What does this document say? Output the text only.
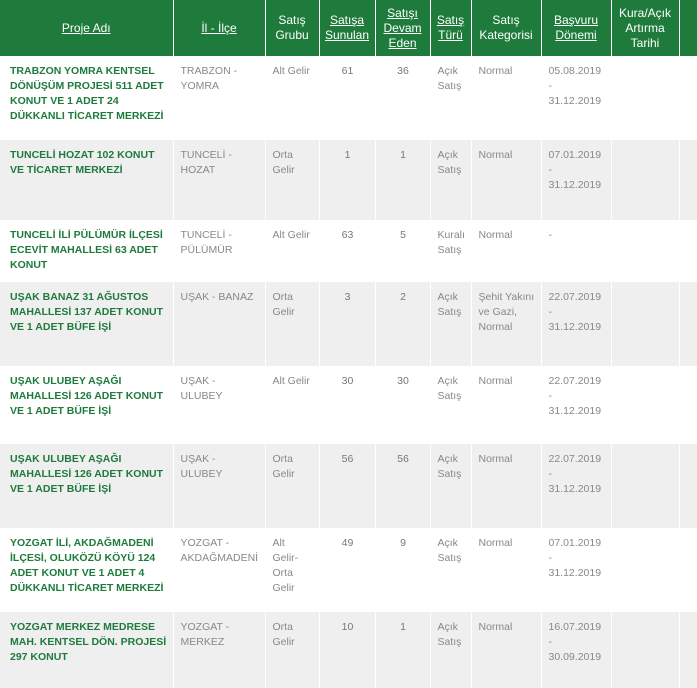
Proje Adı	İl - İlçe	Satış Grubu	Satışa Sunulan	Satışı Devam Eden	Satış Türü	Satış Kategorisi	Başvuru Dönemi	Kura/Açık Artırma Tarihi	
TRABZON YOMRA KENTSEL DÖNÜŞÜM PROJESİ 511 ADET KONUT VE 1 ADET 24 DÜKKANLI TİCARET MERKEZİ	TRABZON - YOMRA	Alt Gelir	61	36	Açık Satış	Normal	05.08.2019 - 31.12.2019		
TUNCELİ HOZAT 102 KONUT VE TİCARET MERKEZİ	TUNCELİ - HOZAT	Orta Gelir	1	1	Açık Satış	Normal	07.01.2019 - 31.12.2019		
TUNCELİ İLİ PÜLÜMÜR İLÇESİ ECEVİT MAHALLESİ 63 ADET KONUT	TUNCELİ - PÜLÜMÜR	Alt Gelir	63	5	Kuralı Satış	Normal	-		
UŞAK BANAZ 31 AĞUSTOS MAHALLESİ 137 ADET KONUT VE 1 ADET BÜFE İŞİ	UŞAK - BANAZ	Orta Gelir	3	2	Açık Satış	Şehit Yakını ve Gazi, Normal	22.07.2019 - 31.12.2019		
UŞAK ULUBEY AŞAĞI MAHALLESİ 126 ADET KONUT VE 1 ADET BÜFE İŞİ	UŞAK - ULUBEY	Alt Gelir	30	30	Açık Satış	Normal	22.07.2019 - 31.12.2019		
UŞAK ULUBEY AŞAĞI MAHALLESİ 126 ADET KONUT VE 1 ADET BÜFE İŞİ	UŞAK - ULUBEY	Orta Gelir	56	56	Açık Satış	Normal	22.07.2019 - 31.12.2019		
YOZGAT İLİ, AKDAĞMADENİ İLÇESİ, OLUKÖZÜ KÖYÜ 124 ADET KONUT VE 1 ADET 4 DÜKKANLI TİCARET MERKEZİ	YOZGAT - AKDAĞMADENİ	Alt Gelir-Orta Gelir	49	9	Açık Satış	Normal	07.01.2019 - 31.12.2019		
YOZGAT MERKEZ MEDRESE MAH. KENTSEL DÖN. PROJESİ 297 KONUT	YOZGAT - MERKEZ	Orta Gelir	10	1	Açık Satış	Normal	16.07.2019 - 30.09.2019		
